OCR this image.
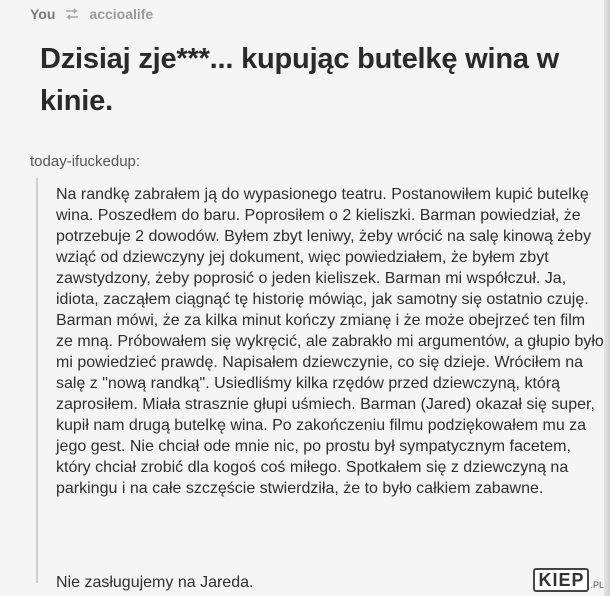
You accioalife
Dzisiaj zje***... kupując butelkę wina w kinie.
today-ifuckedup:

Na randkę zabrałem ją do wypasionego teatru. Postanowiłem kupić butelkę wina. Poszedłem do baru. Poprosiłem o 2 kieliszki. Barman powiedział, że potrzebuje 2 dowodów. Byłem zbyt leniwy, żeby wrócić na salę kinową żeby wziąć od dziewczyny jej dokument, więc powiedziałem, że byłem zbyt zawstydzony, żeby poprosić o jeden kieliszek. Barman mi współczuł. Ja, idiota, zacząłem ciągnąć tę historię mówiąc, jak samotny się ostatnio czuję. Barman mówi, że za kilka minut kończy zmianę i że może obejrzeć ten film ze mną. Próbowałem się wykręcić, ale zabrakło mi argumentów, a głupio było mi powiedzieć prawdę. Napisałem dziewczynie, co się dzieje. Wróciłem na salę z "nową randką". Usiedliśmy kilka rzędów przed dziewczyną, którą zaprosiłem. Miała strasznie głupi uśmiech. Barman (Jared) okazał się super, kupił nam drugą butelkę wina. Po zakończeniu filmu podziękowałem mu za jego gest. Nie chciał ode mnie nic, po prostu był sympatycznym facetem, który chciał zrobić dla kogoś coś miłego. Spotkałem się z dziewczyną na parkingu i na całe szczęście stwierdziła, że to było całkiem zabawne.

Nie zasługujemy na Jareda.	KIEP .PL
